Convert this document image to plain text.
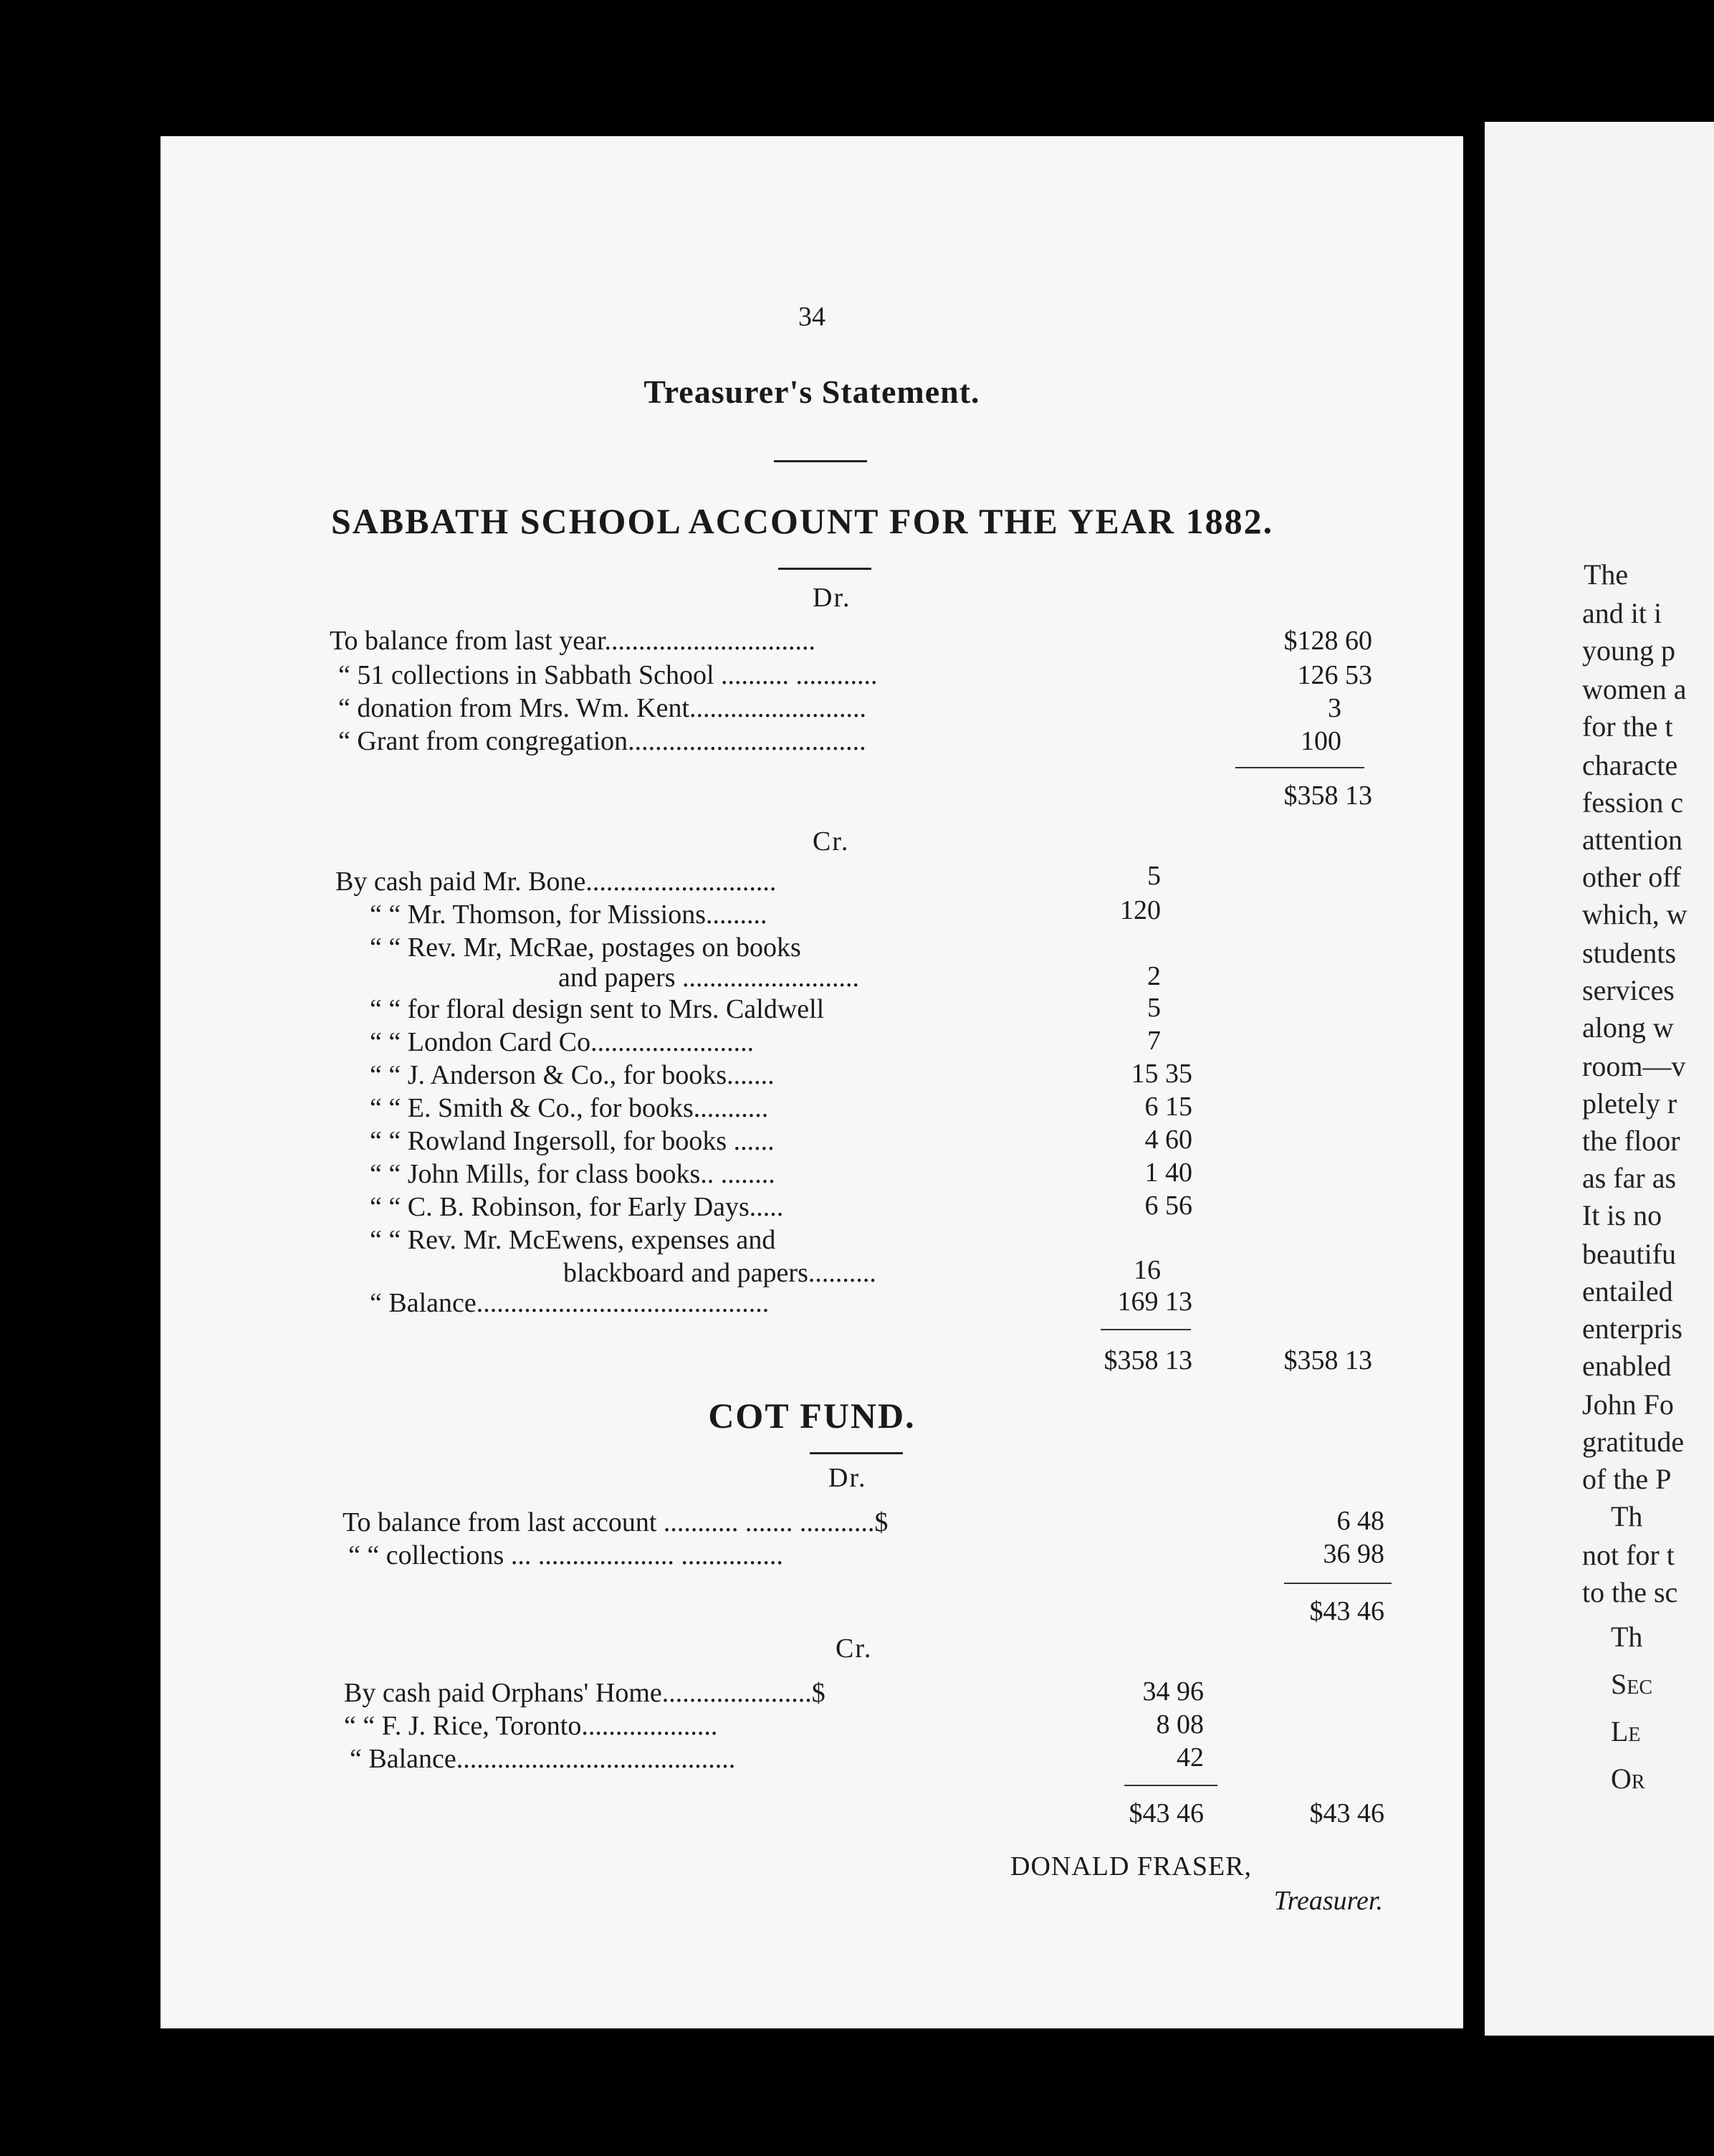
34
Treasurer's Statement.
SABBATH SCHOOL ACCOUNT FOR THE YEAR 1882.
Dr.
To balance from last year...............................	$128 60
“ 51 collections in Sabbath School .......... ............	126 53
“ donation from Mrs. Wm. Kent..........................	3
“ Grant from congregation...................................	100
$358 13
Cr.
By cash paid Mr. Bone............................	5
“ “ Mr. Thomson, for Missions.........	120
“ “ Rev. Mr, McRae, postages on books
and papers ..........................	2
“ “ for floral design sent to Mrs. Caldwell	5
“ “ London Card Co........................	7
“ “ J. Anderson & Co., for books.......	15 35
“ “ E. Smith & Co., for books...........	6 15
“ “ Rowland Ingersoll, for books ......	4 60
“ “ John Mills, for class books.. ........	1 40
“ “ C. B. Robinson, for Early Days.....	6 56
“ “ Rev. Mr. McEwens, expenses and
blackboard and papers..........	16
“ Balance...........................................	169 13
$358 13	$358 13
COT FUND.
Dr.
To balance from last account ........... ....... ...........$	6 48
“ “ collections ... .................... ...............	36 98
$43 46
Cr.
By cash paid Orphans' Home......................$	34 96
“ “ F. J. Rice, Toronto....................	8 08
“ Balance.........................................	42
$43 46	$43 46
DONALD FRASER,
Treasurer.
The
and it i
young p
women a
for the t
characte
fession c
attention
other off
which, w
students
services
along w
room—v
pletely r
the floor
as far as
It is no
beautifu
entailed
enterpris
enabled
John Fo
gratitude
of the P
Th
not for t
to the sc
Th
Sec
Le
Or
